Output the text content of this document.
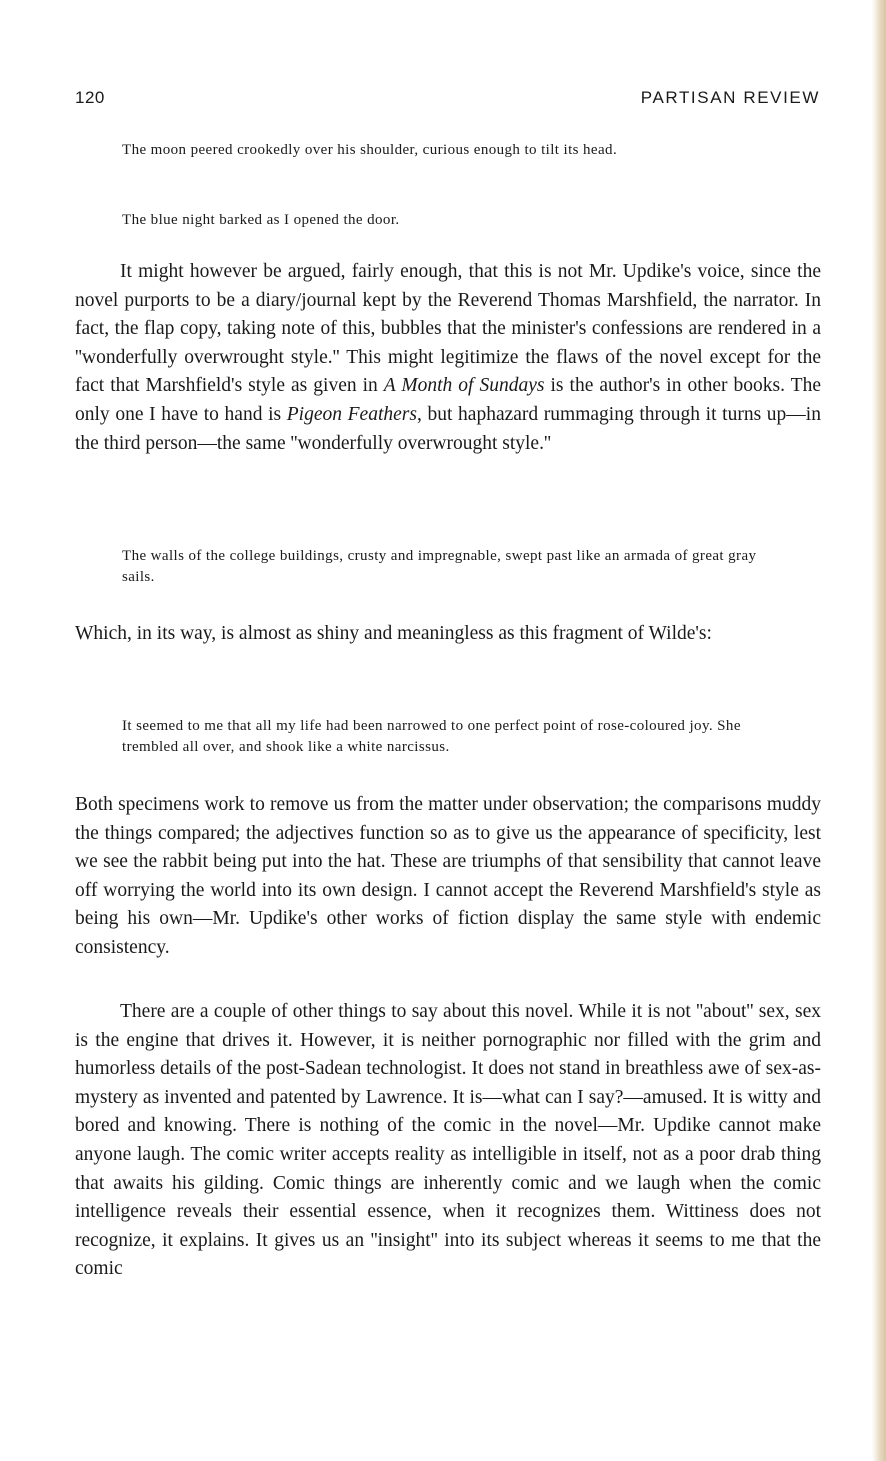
120	PARTISAN REVIEW

The moon peered crookedly over his shoulder, curious enough to tilt its head.

The blue night barked as I opened the door.

It might however be argued, fairly enough, that this is not Mr. Updike's voice, since the novel purports to be a diary/journal kept by the Reverend Thomas Marshfield, the narrator. In fact, the flap copy, taking note of this, bubbles that the minister's confessions are rendered in a ''wonderfully overwrought style.'' This might legitimize the flaws of the novel except for the fact that Marshfield's style as given in A Month of Sundays is the author's in other books. The only one I have to hand is Pigeon Feathers, but haphazard rummaging through it turns up—in the third person—the same ''wonderfully overwrought style.''

The walls of the college buildings, crusty and impregnable, swept past like an armada of great gray sails.

Which, in its way, is almost as shiny and meaningless as this fragment of Wilde's:

It seemed to me that all my life had been narrowed to one perfect point of rose-coloured joy. She trembled all over, and shook like a white narcissus.

Both specimens work to remove us from the matter under observation; the comparisons muddy the things compared; the adjectives function so as to give us the appearance of specificity, lest we see the rabbit being put into the hat. These are triumphs of that sensibility that cannot leave off worrying the world into its own design. I cannot accept the Reverend Marshfield's style as being his own—Mr. Updike's other works of fiction display the same style with endemic consistency.

There are a couple of other things to say about this novel. While it is not ''about'' sex, sex is the engine that drives it. However, it is neither pornographic nor filled with the grim and humorless details of the post-Sadean technologist. It does not stand in breathless awe of sex-as-mystery as invented and patented by Lawrence. It is—what can I say?—amused. It is witty and bored and knowing. There is nothing of the comic in the novel—Mr. Updike cannot make anyone laugh. The comic writer accepts reality as intelligible in itself, not as a poor drab thing that awaits his gilding. Comic things are inherently comic and we laugh when the comic intelligence reveals their essential essence, when it recognizes them. Wittiness does not recognize, it explains. It gives us an ''insight'' into its subject whereas it seems to me that the comic
